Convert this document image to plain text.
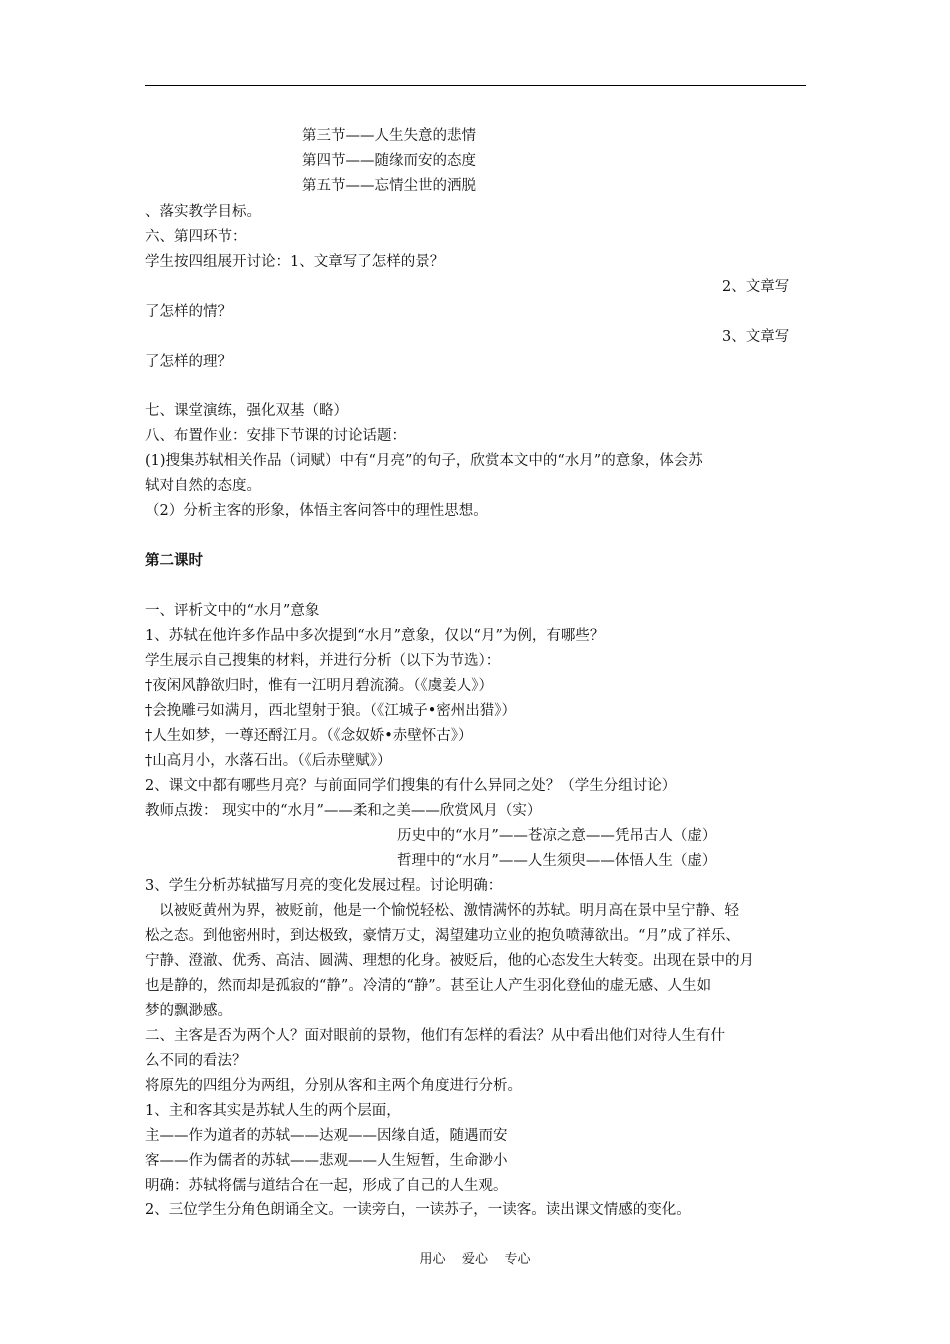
第三节——人生失意的悲情
第四节——随缘而安的态度
第五节——忘情尘世的洒脱
、落实教学目标。
六、第四环节：
学生按四组展开讨论：1、文章写了怎样的景？
2、文章写
了怎样的情？
3、文章写
了怎样的理？
七、课堂演练，强化双基（略）
八、布置作业：安排下节课的讨论话题：
(1)搜集苏轼相关作品（词赋）中有“月亮”的句子，欣赏本文中的“水月”的意象，体会苏
轼对自然的态度。
（2）分析主客的形象，体悟主客问答中的理性思想。
第二课时
一、评析文中的“水月”意象
1、苏轼在他许多作品中多次提到“水月”意象，仅以“月”为例，有哪些？
学生展示自己搜集的材料，并进行分析（以下为节选）：
†夜闲风静欲归时，惟有一江明月碧流漪。（《虞姜人》）
†会挽雕弓如满月，西北望射于狼。（《江城子•密州出猎》）
†人生如梦，一尊还酹江月。（《念奴娇•赤壁怀古》）
†山高月小，水落石出。（《后赤壁赋》）
2、课文中都有哪些月亮？与前面同学们搜集的有什么异同之处？（学生分组讨论）
教师点拨： 现实中的“水月”——柔和之美——欣赏风月（实）
历史中的“水月”——苍凉之意——凭吊古人（虚）
哲理中的“水月”——人生须臾——体悟人生（虚）
3、学生分析苏轼描写月亮的变化发展过程。讨论明确：
以被贬黄州为界，被贬前，他是一个愉悦轻松、激情满怀的苏轼。明月高在景中呈宁静、轻
松之态。到他密州时，到达极致，豪情万丈，渴望建功立业的抱负喷薄欲出。“月”成了祥乐、
宁静、澄澈、优秀、高洁、圆满、理想的化身。被贬后，他的心态发生大转变。出现在景中的月
也是静的，然而却是孤寂的“静”。冷清的“静”。甚至让人产生羽化登仙的虚无感、人生如
梦的飘渺感。
二、主客是否为两个人？面对眼前的景物，他们有怎样的看法？从中看出他们对待人生有什
么不同的看法？
将原先的四组分为两组，分别从客和主两个角度进行分析。
1、主和客其实是苏轼人生的两个层面，
主——作为道者的苏轼——达观——因缘自适，随遇而安
客——作为儒者的苏轼——悲观——人生短暂，生命渺小
明确：苏轼将儒与道结合在一起，形成了自己的人生观。
2、三位学生分角色朗诵全文。一读旁白，一读苏子，一读客。读出课文情感的变化。
用心    爱心    专心
